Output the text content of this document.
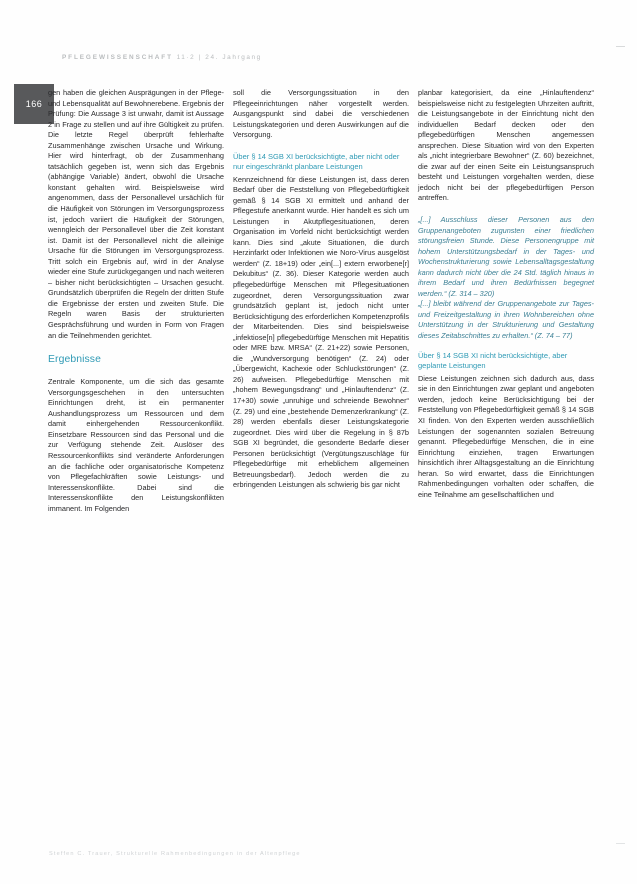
PFLEGEWISSENSCHAFT 11·2 | 24. Jahrgang
166

gen haben die gleichen Ausprägungen in der Pflege- und Lebensqualität auf Bewohnerebene. Ergebnis der Prüfung: Die Aussage 3 ist unwahr, damit ist Aussage 2 in Frage zu stellen und auf ihre Gültigkeit zu prüfen. Die letzte Regel überprüft fehlerhafte Zusammenhänge zwischen Ursache und Wirkung. Hier wird hinterfragt, ob der Zusammenhang tatsächlich gegeben ist, wenn sich das Ergebnis (abhängige Variable) ändert, obwohl die Ursache konstant gehalten wird. Beispielsweise wird angenommen, dass der Personallevel ursächlich für die Häufigkeit von Störungen im Versorgungsprozess ist, jedoch variiert die Häufigkeit der Störungen, wenngleich der Personallevel über die Zeit konstant ist. Damit ist der Personallevel nicht die alleinige Ursache für die Störungen im Versorgungsprozess. Tritt solch ein Ergebnis auf, wird in der Analyse wieder eine Stufe zurückgegangen und nach weiteren – bisher nicht berücksichtigten – Ursachen gesucht. Grundsätzlich überprüfen die Regeln der dritten Stufe die Ergebnisse der ersten und zweiten Stufe. Die Regeln waren Basis der strukturierten Gesprächsführung und wurden in Form von Fragen an die Teilnehmenden gerichtet.

Ergebnisse

Zentrale Komponente, um die sich das gesamte Versorgungsgeschehen in den untersuchten Einrichtungen dreht, ist ein permanenter Aushandlungsprozess um Ressourcen und dem damit einhergehenden Ressourcenkonflikt. Einsetzbare Ressourcen sind das Personal und die zur Verfügung stehende Zeit. Auslöser des Ressourcenkonflikts sind veränderte Anforderungen an die fachliche oder organisatorische Kompetenz von Pflegefachkräften sowie Leistungs- und Interessenskonflikte. Dabei sind die Interessenskonflikte den Leistungskonflikten immanent. Im Folgenden

soll die Versorgungssituation in den Pflegeeinrichtungen näher vorgestellt werden. Ausgangspunkt sind dabei die verschiedenen Leistungskategorien und deren Auswirkungen auf die Versorgung.

Über § 14 SGB XI berücksichtigte, aber nicht oder nur eingeschränkt planbare Leistungen

Kennzeichnend für diese Leistungen ist, dass deren Bedarf über die Feststellung von Pflegebedürftigkeit gemäß § 14 SGB XI ermittelt und anhand der Pflegestufe anerkannt wurde. Hier handelt es sich um Leistungen in Akutpflegesituationen, deren Organisation im Vorfeld nicht berücksichtigt werden kann. Dies sind „akute Situationen, die durch Herzinfarkt oder Infektionen wie Noro-Virus ausgelöst werden“ (Z. 18+19) oder „ein[...] extern erworbene[r] Dekubitus“ (Z. 36). Dieser Kategorie werden auch pflegebedürftige Menschen mit Pflegesituationen zugeordnet, deren Versorgungssituation zwar grundsätzlich geplant ist, jedoch nicht unter Berücksichtigung des erforderlichen Kompetenzprofils der Mitarbeitenden. Dies sind beispielsweise „infektiose[n] pflegebedürftige Menschen mit Hepatitis oder MRE bzw. MRSA“ (Z. 21+22) sowie Personen, die „Wundversorgung benötigen“ (Z. 24) oder „Übergewicht, Kachexie oder Schluckstörungen“ (Z. 26) aufweisen. Pflegebedürftige Menschen mit „hohem Bewegungsdrang“ und „Hinlauftendenz“ (Z. 17+30) sowie „unruhige und schreiende Bewohner“ (Z. 29) und eine „bestehende Demenzerkrankung“ (Z. 28) werden ebenfalls dieser Leistungskategorie zugeordnet. Dies wird über die Regelung in § 87b SGB XI begründet, die gesonderte Bedarfe dieser Personen berücksichtigt (Vergütungszuschläge für Pflegebedürftige mit erheblichem allgemeinen Betreuungsbedarf). Jedoch werden die zu erbringenden Leistungen als schwierig bis gar nicht

planbar kategorisiert, da eine „Hinlauftendenz“ beispielsweise nicht zu festgelegten Uhrzeiten auftritt, die Leistungsangebote in der Einrichtung nicht den individuellen Bedarf decken oder den pflegebedürftigen Menschen angemessen ansprechen. Diese Situation wird von den Experten als „nicht integrierbare Bewohner“ (Z. 60) bezeichnet, die zwar auf der einen Seite ein Leistungsanspruch besteht und Leistungen vorgehalten werden, diese jedoch nicht bei der pflegebedürftigen Person antreffen.

„[...] Ausschluss dieser Personen aus den Gruppenangeboten zugunsten einer friedlichen störungsfreien Stunde. Diese Personengruppe mit hohem Unterstützungsbedarf in der Tages- und Wochenstrukturierung sowie Lebensalltagsgestaltung kann dadurch nicht über die 24 Std. täglich hinaus in ihrem Bedarf und ihren Bedürfnissen begegnet werden.“ (Z. 314 – 320)

„[...] bleibt während der Gruppenangebote zur Tages- und Freizeitgestaltung in ihren Wohnbereichen ohne Unterstützung in der Strukturierung und Gestaltung dieses Zeitabschnittes zu erhalten.“ (Z. 74 – 77)

Über § 14 SGB XI nicht berücksichtigte, aber geplante Leistungen

Diese Leistungen zeichnen sich dadurch aus, dass sie in den Einrichtungen zwar geplant und angeboten werden, jedoch keine Berücksichtigung bei der Feststellung von Pflegebedürftigkeit gemäß § 14 SGB XI finden. Von den Experten werden ausschließlich Leistungen der sogenannten sozialen Betreuung genannt. Pflegebedürftige Menschen, die in eine Einrichtung einziehen, tragen Erwartungen hinsichtlich ihrer Alltagsgestaltung an die Einrichtung heran. So wird erwartet, dass die Einrichtungen Rahmenbedingungen vorhalten oder schaffen, die eine Teilnahme am gesellschaftlichen und

Steffen C. Trauer, Strukturelle Rahmenbedingungen in der Altenpflege
